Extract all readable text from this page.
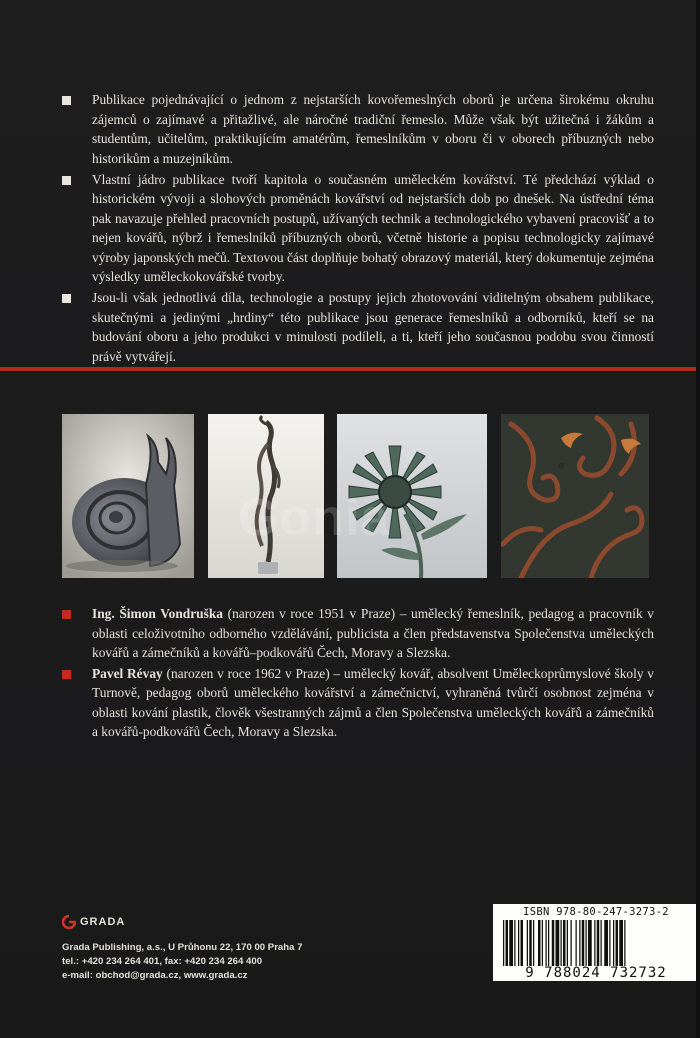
Publikace pojednávající o jednom z nejstarších kovořemeslných oborů je určena širokému okruhu zájemců o zajímavé a přitažlivé, ale náročné tradiční řemeslo. Může však být užitečná i žákům a studentům, učitelům, praktikujícím amatérům, řemeslníkům v oboru či v oborech příbuzných nebo historikům a muzejníkům.

Vlastní jádro publikace tvoří kapitola o současném uměleckém kovářství. Té předchází výklad o historickém vývoji a slohových proměnách kovářství od nejstarších dob po dnešek. Na ústřední téma pak navazuje přehled pracovních postupů, užívaných technik a technologického vybavení pracovišť a to nejen kovářů, nýbrž i řemeslníků příbuzných oborů, včetně historie a popisu technologicky zajímavé výroby japonských mečů. Textovou část doplňuje bohatý obrazový materiál, který dokumentuje zejména výsledky uměleckokovářské tvorby.

Jsou-li však jednotlivá díla, technologie a postupy jejich zhotovování viditelným obsahem publikace, skutečnými a jedinými „hrdiny“ této publikace jsou generace řemeslníků a odborníků, kteří se na budování oboru a jeho produkci v minulosti podíleli, a ti, kteří jeho současnou podobu svou činností právě vytvářejí.

Gonia

Ing. Šimon Vondruška (narozen v roce 1951 v Praze) – umělecký řemeslník, pedagog a pracovník v oblasti celoživotního odborného vzdělávání, publicista a člen představenstva Společenstva uměleckých kovářů a zámečníků a kovářů–podkovářů Čech, Moravy a Slezska.

Pavel Révay (narozen v roce 1962 v Praze) – umělecký kovář, absolvent Uměleckoprůmyslové školy v Turnově, pedagog oborů uměleckého kovářství a zámečnictví, vyhraněná tvůrčí osobnost zejména v oblasti kování plastik, člověk všestranných zájmů a člen Společenstva uměleckých kovářů a zámečníků a kovářů-podkovářů Čech, Moravy a Slezska.

GRADA
Grada Publishing, a.s., U Průhonu 22, 170 00 Praha 7
tel.: +420 234 264 401, fax: +420 234 264 400
e-mail: obchod@grada.cz, www.grada.cz
ISBN 978-80-247-3273-2
9 788024 732732
